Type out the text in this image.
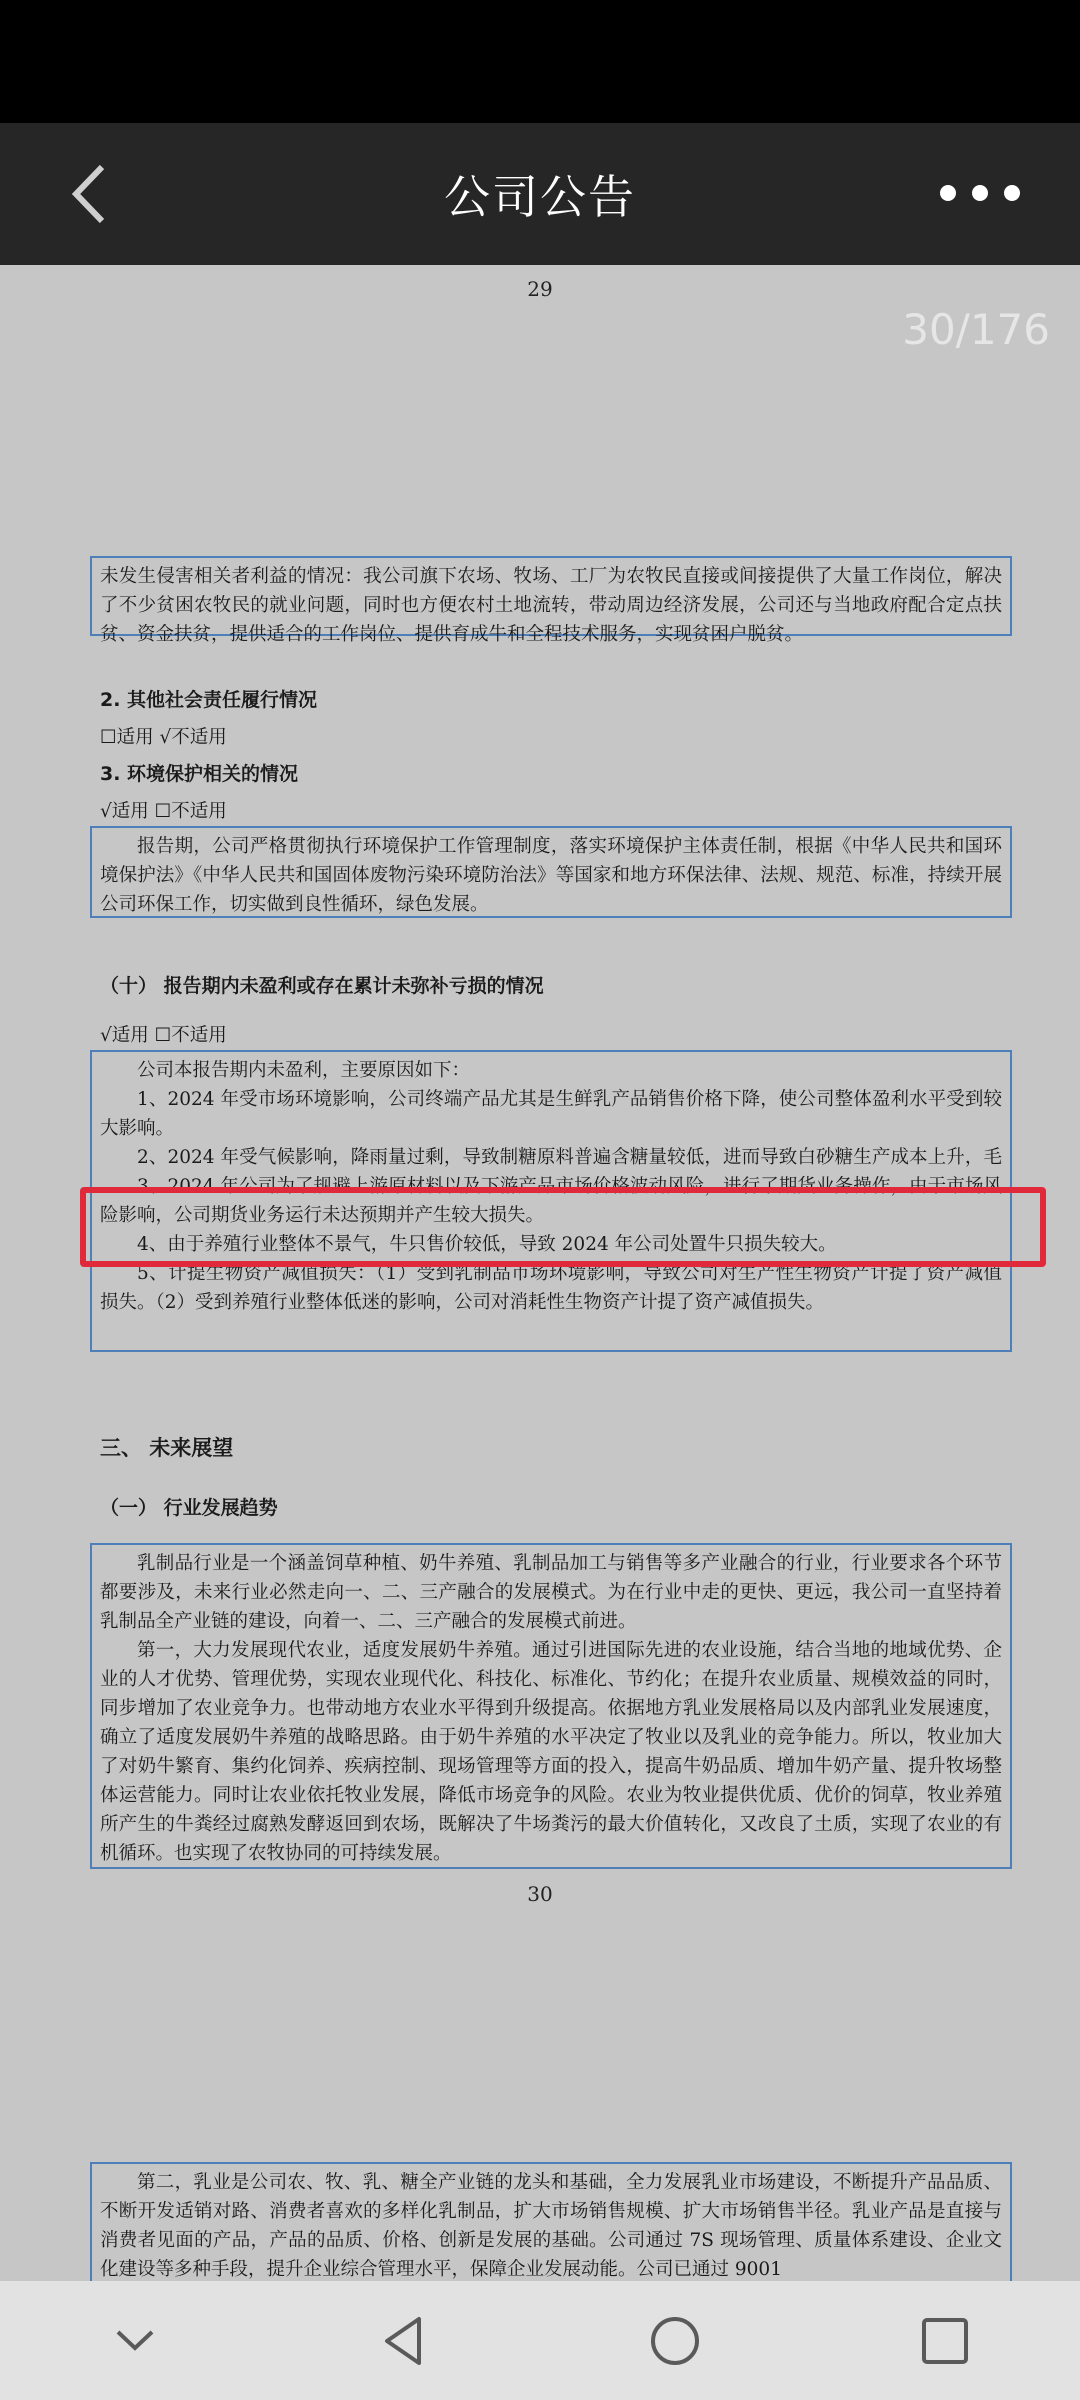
公司公告
29
30/176

未发生侵害相关者利益的情况：我公司旗下农场、牧场、工厂为农牧民直接或间接提供了大量工作岗位，解决了不少贫困农牧民的就业问题，同时也方便农村土地流转，带动周边经济发展，公司还与当地政府配合定点扶贫、资金扶贫，提供适合的工作岗位、提供育成牛和全程技术服务，实现贫困户脱贫。

2. 其他社会责任履行情况
☐适用 √不适用
3. 环境保护相关的情况
√适用 ☐不适用

报告期，公司严格贯彻执行环境保护工作管理制度，落实环境保护主体责任制，根据《中华人民共和国环境保护法》《中华人民共和国固体废物污染环境防治法》等国家和地方环保法律、法规、规范、标准，持续开展公司环保工作，切实做到良性循环，绿色发展。

（十） 报告期内未盈利或存在累计未弥补亏损的情况
√适用 ☐不适用

公司本报告期内未盈利，主要原因如下：

1、2024 年受市场环境影响，公司终端产品尤其是生鲜乳产品销售价格下降，使公司整体盈利水平受到较大影响。

2、2024 年受气候影响，降雨量过剩，导致制糖原料普遍含糖量较低，进而导致白砂糖生产成本上升，毛

3、2024 年公司为了规避上游原材料以及下游产品市场价格波动风险，进行了期货业务操作，由于市场风险影响，公司期货业务运行未达预期并产生较大损失。

4、由于养殖行业整体不景气，牛只售价较低，导致 2024 年公司处置牛只损失较大。

5、计提生物资产减值损失：（1）受到乳制品市场环境影响，导致公司对生产性生物资产计提了资产减值损失。（2）受到养殖行业整体低迷的影响，公司对消耗性生物资产计提了资产减值损失。

三、 未来展望
（一） 行业发展趋势

乳制品行业是一个涵盖饲草种植、奶牛养殖、乳制品加工与销售等多产业融合的行业，行业要求各个环节都要涉及，未来行业必然走向一、二、三产融合的发展模式。为在行业中走的更快、更远，我公司一直坚持着乳制品全产业链的建设，向着一、二、三产融合的发展模式前进。

第一，大力发展现代农业，适度发展奶牛养殖。通过引进国际先进的农业设施，结合当地的地域优势、企业的人才优势、管理优势，实现农业现代化、科技化、标准化、节约化；在提升农业质量、规模效益的同时，同步增加了农业竞争力。也带动地方农业水平得到升级提高。依据地方乳业发展格局以及内部乳业发展速度，确立了适度发展奶牛养殖的战略思路。由于奶牛养殖的水平决定了牧业以及乳业的竞争能力。所以，牧业加大了对奶牛繁育、集约化饲养、疾病控制、现场管理等方面的投入，提高牛奶品质、增加牛奶产量、提升牧场整体运营能力。同时让农业依托牧业发展，降低市场竞争的风险。农业为牧业提供优质、优价的饲草，牧业养殖所产生的牛粪经过腐熟发酵返回到农场，既解决了牛场粪污的最大价值转化，又改良了土质，实现了农业的有机循环。也实现了农牧协同的可持续发展。

30

第二，乳业是公司农、牧、乳、糖全产业链的龙头和基础，全力发展乳业市场建设，不断提升产品品质、不断开发适销对路、消费者喜欢的多样化乳制品，扩大市场销售规模、扩大市场销售半径。乳业产品是直接与消费者见面的产品，产品的品质、价格、创新是发展的基础。公司通过 7S 现场管理、质量体系建设、企业文化建设等多种手段，提升企业综合管理水平，保障企业发展动能。公司已通过 9001
